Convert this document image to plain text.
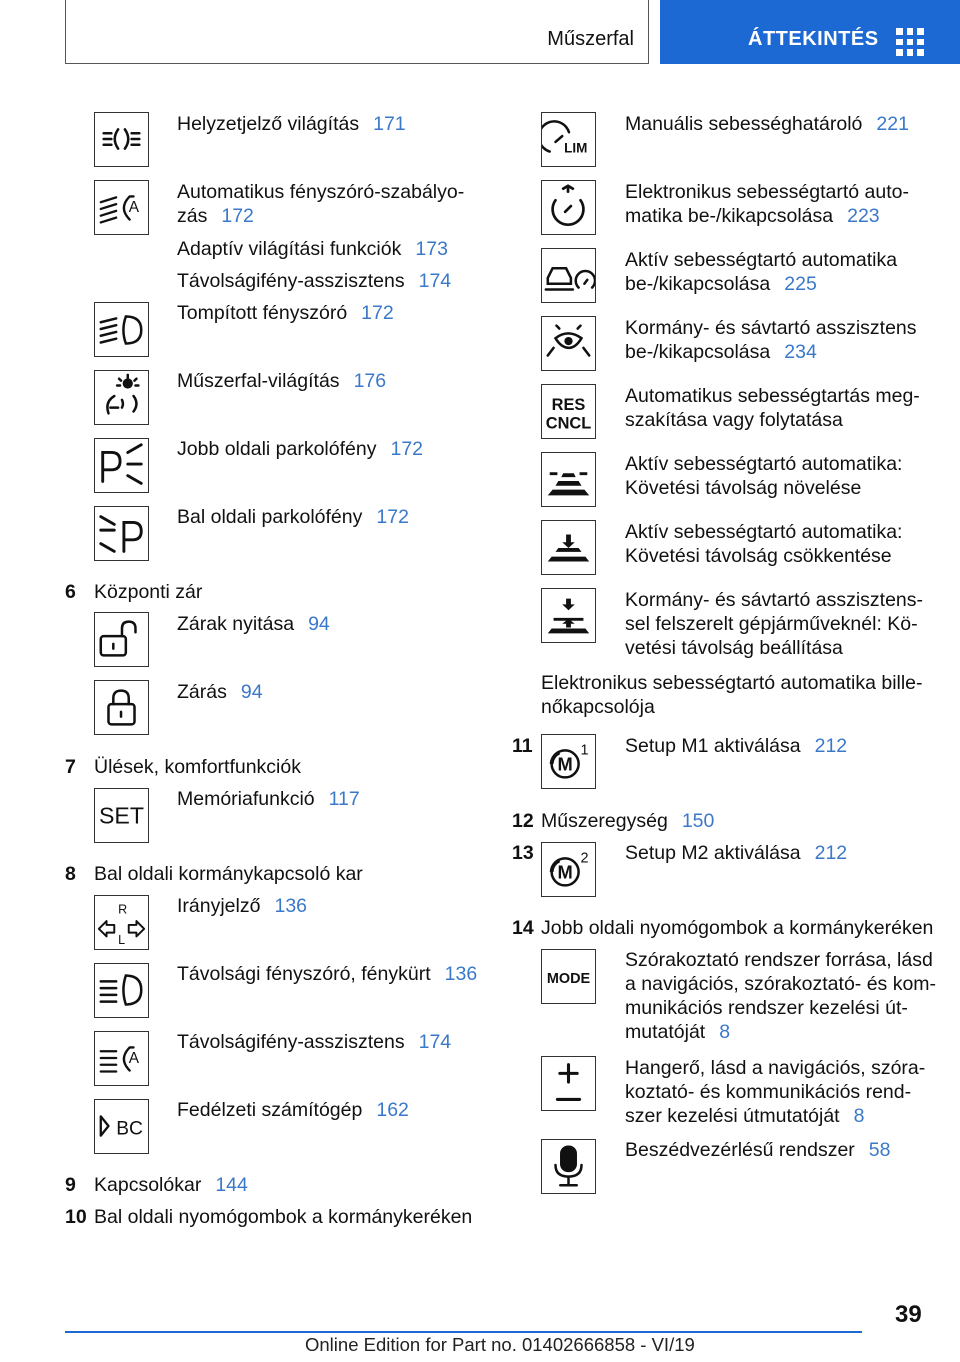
Műszerfal	ÁTTEKINTÉS
Helyzetjelző világítás 171
A
Automatikus fényszóró-szabályo-
zás 172
Adaptív világítási funkciók 173
Távolságifény-asszisztens 174
Tompított fényszóró 172
Műszerfal-világítás 176
Jobb oldali parkolófény 172
Bal oldali parkolófény 172
6 Központi zár
Zárak nyitása 94
Zárás 94
7 Ülések, komfortfunkciók
SET
Memóriafunkció 117
8 Bal oldali kormánykapcsoló kar
R
L
Irányjelző 136
Távolsági fényszóró, fénykürt 136
A
Távolságifény-asszisztens 174
BC
Fedélzeti számítógép 162
9 Kapcsolókar 144
10 Bal oldali nyomógombok a kormánykeréken
LIM
Manuális sebességhatároló 221
Elektronikus sebességtartó auto-
matika be-/kikapcsolása 223
Aktív sebességtartó automatika
be-/kikapcsolása 225
Kormány- és sávtartó asszisztens
be-/kikapcsolása 234
RES
CNCL
Automatikus sebességtartás meg-
szakítása vagy folytatása
Aktív sebességtartó automatika:
Követési távolság növelése
Aktív sebességtartó automatika:
Követési távolság csökkentése
Kormány- és sávtartó asszisztens-
sel felszerelt gépjárműveknél: Kö-
vetési távolság beállítása
Elektronikus sebességtartó automatika bille-
nőkapcsolója
11
M
1 Setup M1 aktiválása 212
12 Műszeregység 150
13
M
2 Setup M2 aktiválása 212
14 Jobb oldali nyomógombok a kormánykeréken
MODE
Szórakoztató rendszer forrása, lásd
a navigációs, szórakoztató- és kom-
munikációs rendszer kezelési út-
mutatóját 8
Hangerő, lásd a navigációs, szóra-
koztató- és kommunikációs rend-
szer kezelési útmutatóját 8
Beszédvezérlésű rendszer 58
39
Online Edition for Part no. 01402666858 - VI/19
